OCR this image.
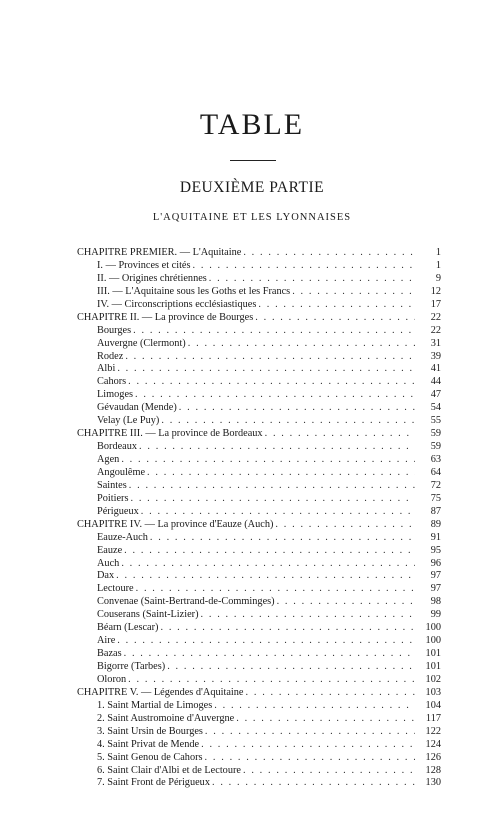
TABLE
DEUXIÈME PARTIE
L'AQUITAINE ET LES LYONNAISES
CHAPITRE PREMIER. — L'Aquitaine . . .	1
I. — Provinces et cités . . .	1
II. — Origines chrétiennes . . .	9
III. — L'Aquitaine sous les Goths et les Francs . . .	12
IV. — Circonscriptions ecclésiastiques . . .	17
CHAPITRE II. — La province de Bourges . . .	22
Bourges . . .	22
Auvergne (Clermont) . . .	31
Rodez . . .	39
Albi . . .	41
Cahors . . .	44
Limoges . . .	47
Gévaudan (Mende) . . .	54
Velay (Le Puy) . . .	55
CHAPITRE III. — La province de Bordeaux . . .	59
Bordeaux . . .	59
Agen . . .	63
Angoulême . . .	64
Saintes . . .	72
Poitiers . . .	75
Périgueux . . .	87
CHAPITRE IV. — La province d'Eauze (Auch) . . .	89
Eauze-Auch . . .	91
Eauze . . .	95
Auch . . .	96
Dax . . .	97
Lectoure . . .	97
Convenae (Saint-Bertrand-de-Comminges) . . .	98
Couserans (Saint-Lizier) . . .	99
Béarn (Lescar) . . .	100
Aire . . .	100
Bazas . . .	101
Bigorre (Tarbes) . . .	101
Oloron . . .	102
CHAPITRE V. — Légendes d'Aquitaine . . .	103
1. Saint Martial de Limoges . . .	104
2. Saint Austromoine d'Auvergne . . .	117
3. Saint Ursin de Bourges . . .	122
4. Saint Privat de Mende . . .	124
5. Saint Genou de Cahors . . .	126
6. Saint Clair d'Albi et de Lectoure . . .	128
7. Saint Front de Périgueux . . .	130
